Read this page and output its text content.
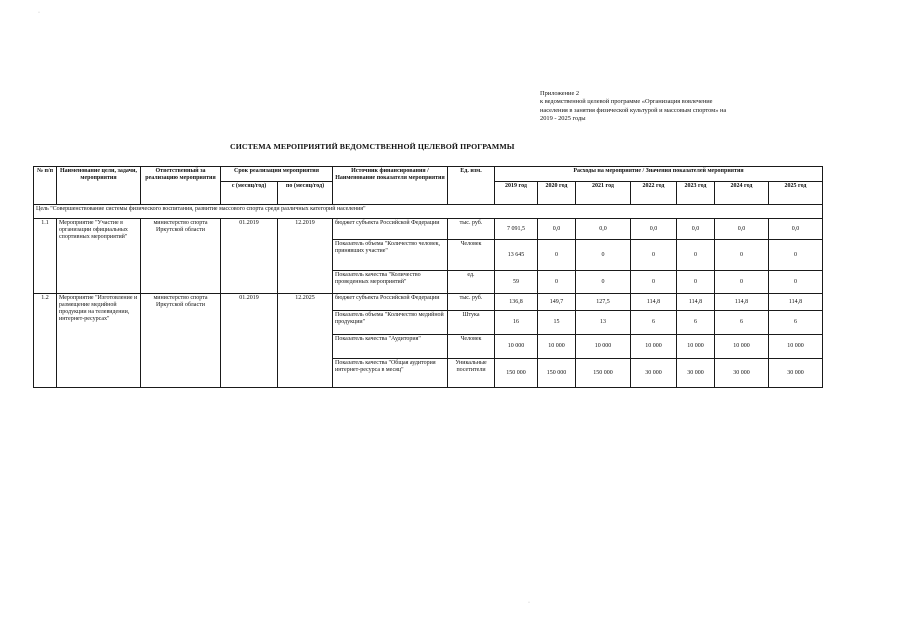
Приложение 2
к ведомственной целевой программе «Организация вовлечение
населения в занятия физической культурой и массовым спортом» на
2019 - 2025 годы
СИСТЕМА МЕРОПРИЯТИЙ ВЕДОМСТВЕННОЙ ЦЕЛЕВОЙ ПРОГРАММЫ
№ п/п	Наименование цели, задачи, мероприятия	Ответственный за реализацию мероприятия	Срок реализации мероприятия		Источник финансирования / Наименование показателя мероприятия	Ед. изм.	Расходы на мероприятие / Значения показателей мероприятия						
			с (месяц/год)	по (месяц/год)			2019 год	2020 год	2021 год	2022 год	2023 год	2024 год	2025 год
Цель "Совершенствование системы физического воспитания, развитие массового спорта среди различных категорий населения"													
1.1	Мероприятие "Участие в организации официальных спортивных мероприятий"	министерство спорта Иркутской области	01.2019	12.2019	бюджет субъекта Российской Федерации	тыс. руб.	7 091,5	0,0	0,0	0,0	0,0	0,0	0,0
					Показатель объема "Количество человек, принявших участие"	Человек	13 645	0	0	0	0	0	0
					Показатель качества "Количество проведенных мероприятий"	ед.	59	0	0	0	0	0	0
1.2	Мероприятие "Изготовление и размещение медийной продукции на телевидении, интернет-ресурсах"	министерство спорта Иркутской области	01.2019	12.2025	бюджет субъекта Российской Федерации	тыс. руб.	136,8	149,7	127,5	114,8	114,8	114,8	114,8
					Показатель объема "Количество медийной продукции"	Штука	16	15	13	6	6	6	6
					Показатель качества "Аудитория"	Человек	10 000	10 000	10 000	10 000	10 000	10 000	10 000
					Показатель качества "Общая аудитория интернет-ресурса в месяц"	Уникальные посетители	150 000	150 000	150 000	30 000	30 000	30 000	30 000
·
·
